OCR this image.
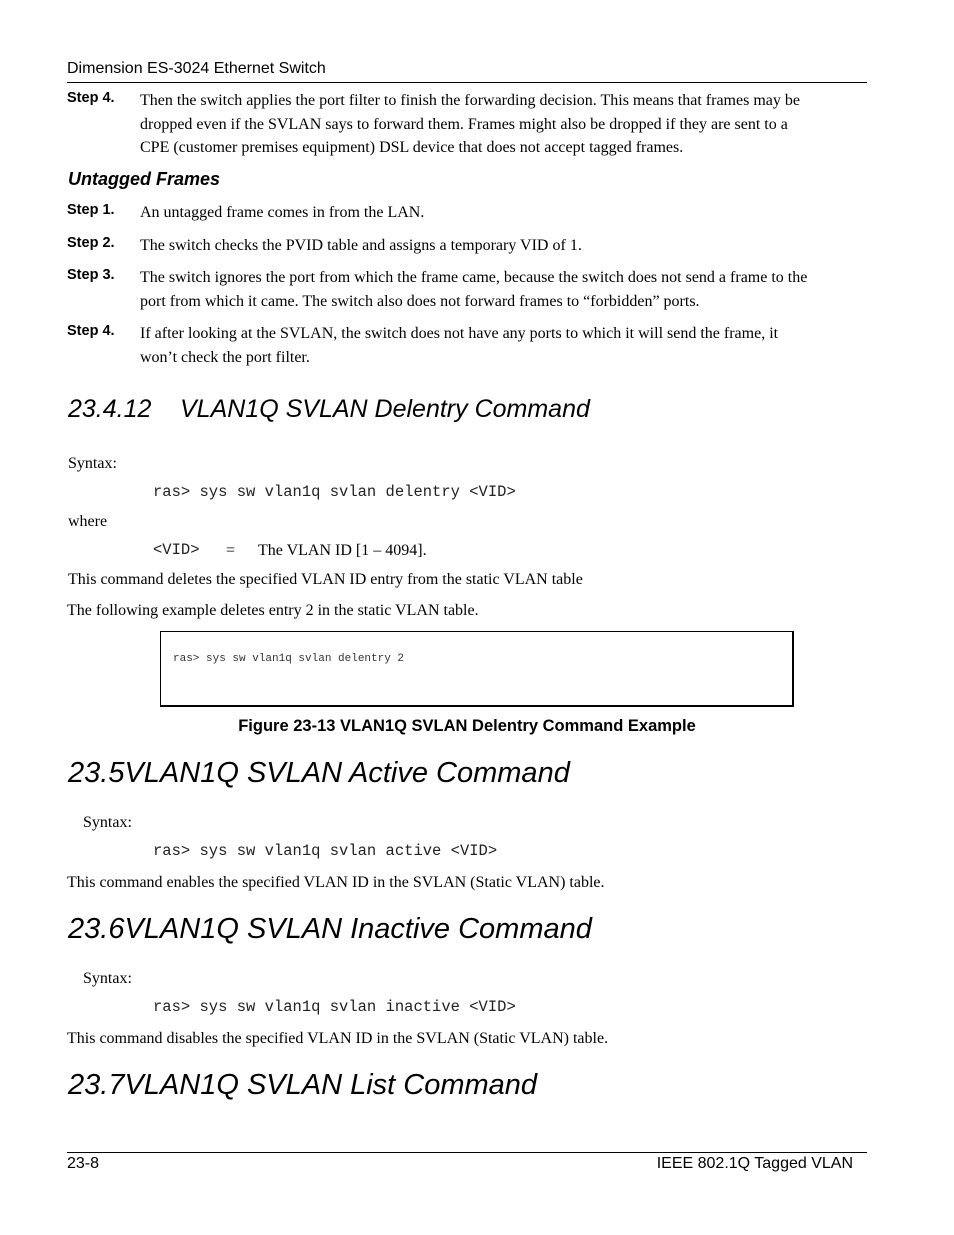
Dimension ES-3024 Ethernet Switch
Step 4. Then the switch applies the port filter to finish the forwarding decision. This means that frames may be
dropped even if the SVLAN says to forward them. Frames might also be dropped if they are sent to a
CPE (customer premises equipment) DSL device that does not accept tagged frames.
Untagged Frames
Step 1. An untagged frame comes in from the LAN.
Step 2. The switch checks the PVID table and assigns a temporary VID of 1.
Step 3. The switch ignores the port from which the frame came, because the switch does not send a frame to the
port from which it came. The switch also does not forward frames to “forbidden” ports.
Step 4. If after looking at the SVLAN, the switch does not have any ports to which it will send the frame, it
won’t check the port filter.
23.4.12 VLAN1Q SVLAN Delentry Command
Syntax:
ras> sys sw vlan1q svlan delentry <VID>
where
<VID> = The VLAN ID [1 – 4094].
This command deletes the specified VLAN ID entry from the static VLAN table
The following example deletes entry 2 in the static VLAN table.
ras> sys sw vlan1q svlan delentry 2
Figure 23-13 VLAN1Q SVLAN Delentry Command Example
23.5VLAN1Q SVLAN Active Command
Syntax:
ras> sys sw vlan1q svlan active <VID>
This command enables the specified VLAN ID in the SVLAN (Static VLAN) table.
23.6VLAN1Q SVLAN Inactive Command
Syntax:
ras> sys sw vlan1q svlan inactive <VID>
This command disables the specified VLAN ID in the SVLAN (Static VLAN) table.
23.7VLAN1Q SVLAN List Command
23-8	IEEE 802.1Q Tagged VLAN
